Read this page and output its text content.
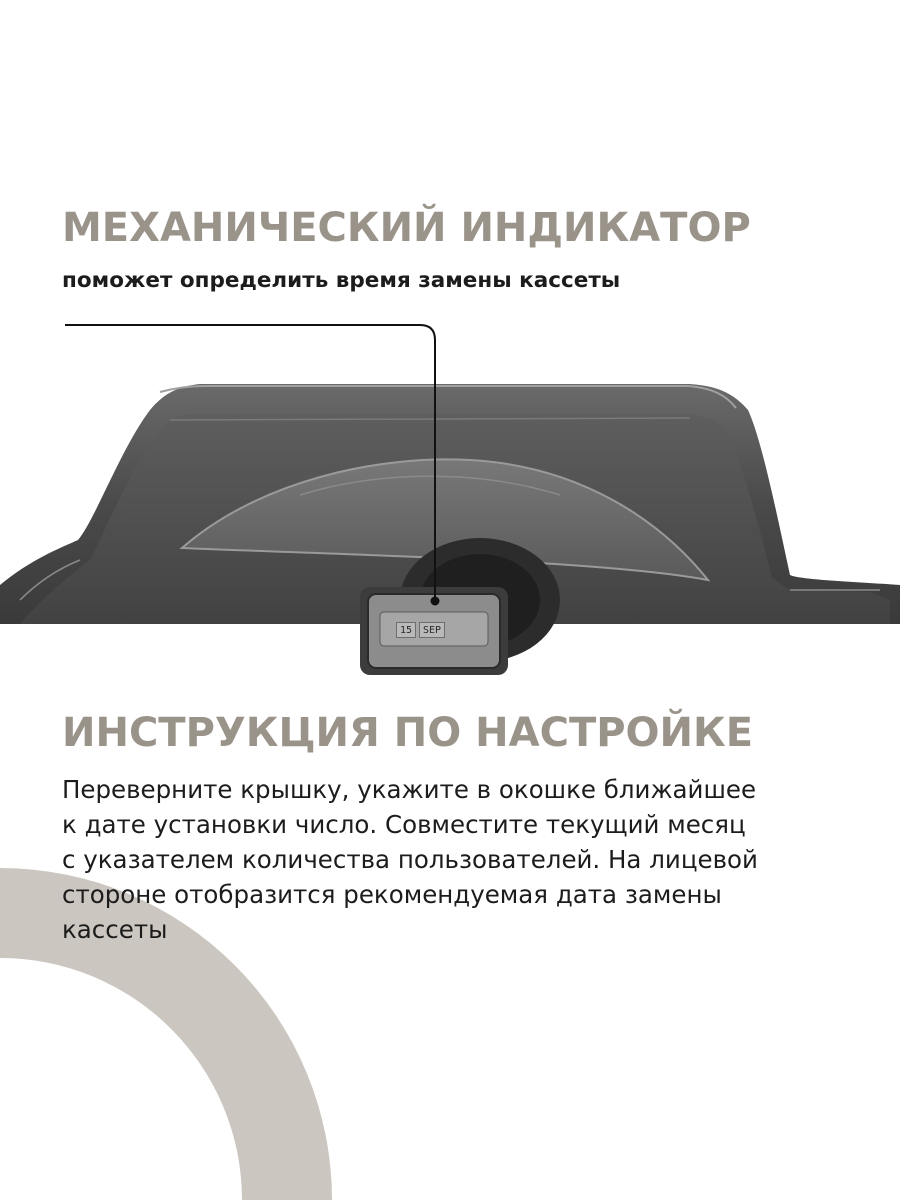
МЕХАНИЧЕСКИЙ ИНДИКАТОР

поможет определить время замены кассеты

15	SEP
ИНСТРУКЦИЯ ПО НАСТРОЙКЕ

Переверните крышку, укажите в окошке ближайшее
к дате установки число. Совместите текущий месяц
с указателем количества пользователей. На лицевой
стороне отобразится рекомендуемая дата замены
кассеты
